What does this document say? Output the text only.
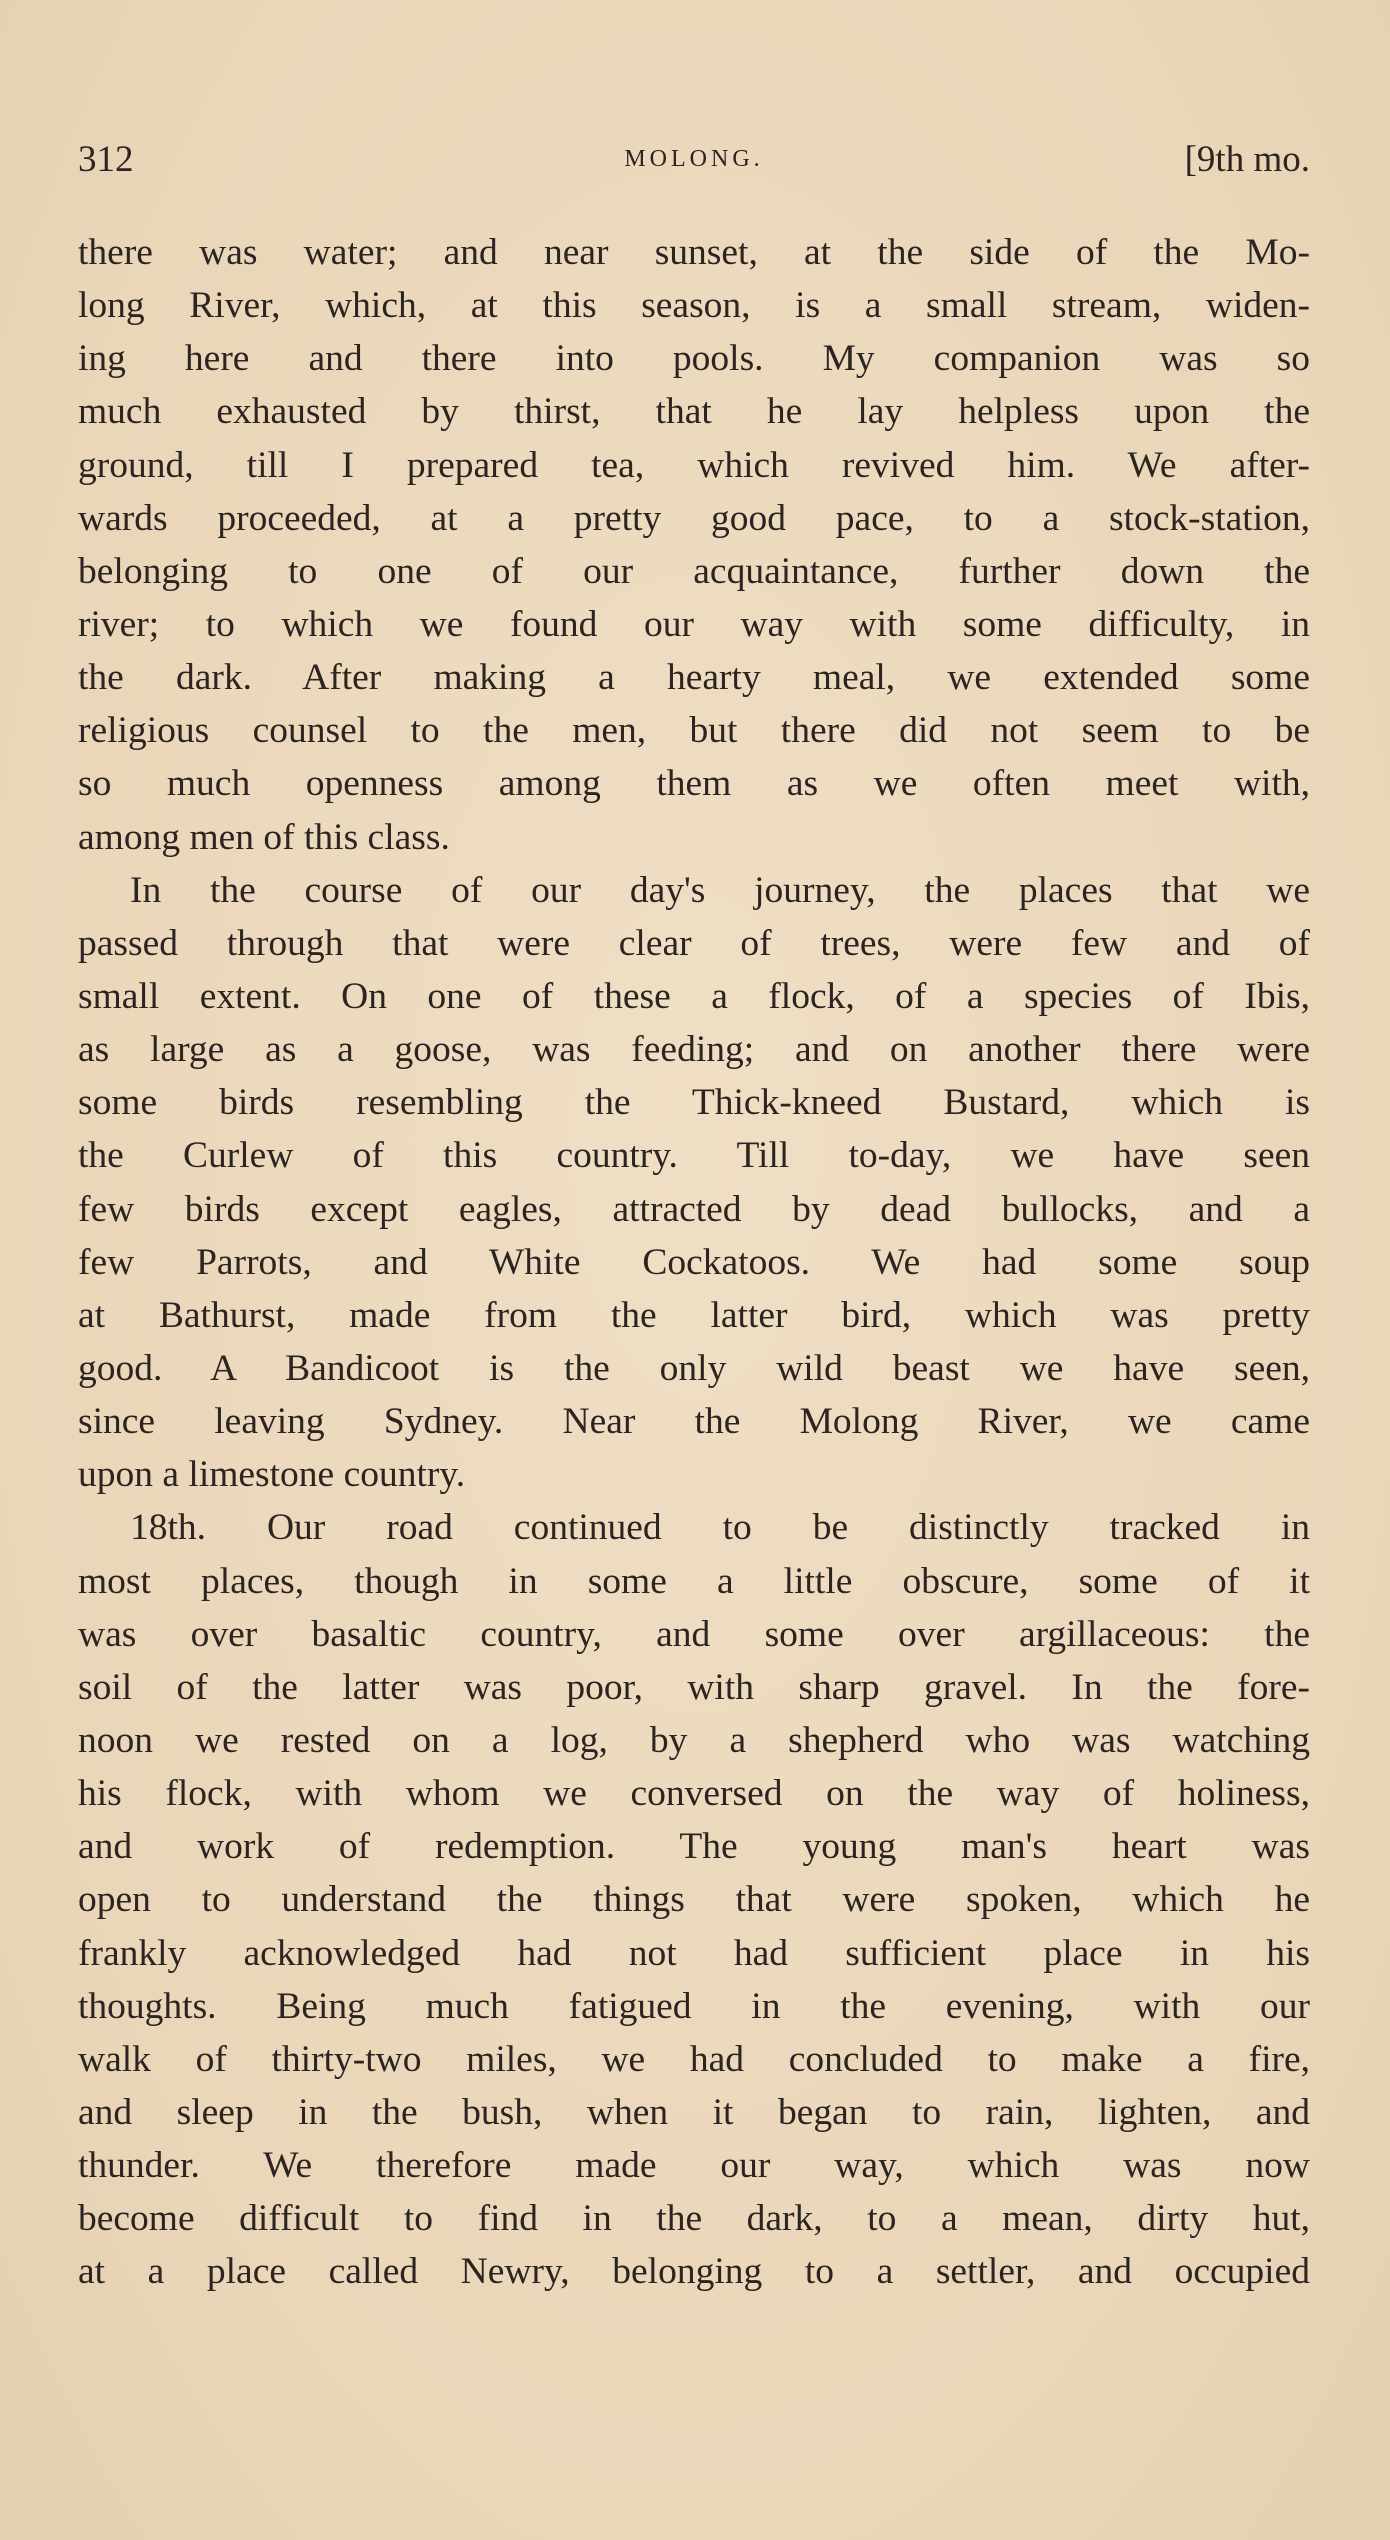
312	MOLONG.	[9th mo.
there was water; and near sunset, at the side of the Mo-
long River, which, at this season, is a small stream, widen-
ing here and there into pools. My companion was so
much exhausted by thirst, that he lay helpless upon the
ground, till I prepared tea, which revived him. We after-
wards proceeded, at a pretty good pace, to a stock-station,
belonging to one of our acquaintance, further down the
river; to which we found our way with some difficulty, in
the dark. After making a hearty meal, we extended some
religious counsel to the men, but there did not seem to be
so much openness among them as we often meet with,
among men of this class.
In the course of our day's journey, the places that we
passed through that were clear of trees, were few and of
small extent. On one of these a flock, of a species of Ibis,
as large as a goose, was feeding; and on another there were
some birds resembling the Thick-kneed Bustard, which is
the Curlew of this country. Till to-day, we have seen
few birds except eagles, attracted by dead bullocks, and a
few Parrots, and White Cockatoos. We had some soup
at Bathurst, made from the latter bird, which was pretty
good. A Bandicoot is the only wild beast we have seen,
since leaving Sydney. Near the Molong River, we came
upon a limestone country.
18th. Our road continued to be distinctly tracked in
most places, though in some a little obscure, some of it
was over basaltic country, and some over argillaceous: the
soil of the latter was poor, with sharp gravel. In the fore-
noon we rested on a log, by a shepherd who was watching
his flock, with whom we conversed on the way of holiness,
and work of redemption. The young man's heart was
open to understand the things that were spoken, which he
frankly acknowledged had not had sufficient place in his
thoughts. Being much fatigued in the evening, with our
walk of thirty-two miles, we had concluded to make a fire,
and sleep in the bush, when it began to rain, lighten, and
thunder. We therefore made our way, which was now
become difficult to find in the dark, to a mean, dirty hut,
at a place called Newry, belonging to a settler, and occupied
